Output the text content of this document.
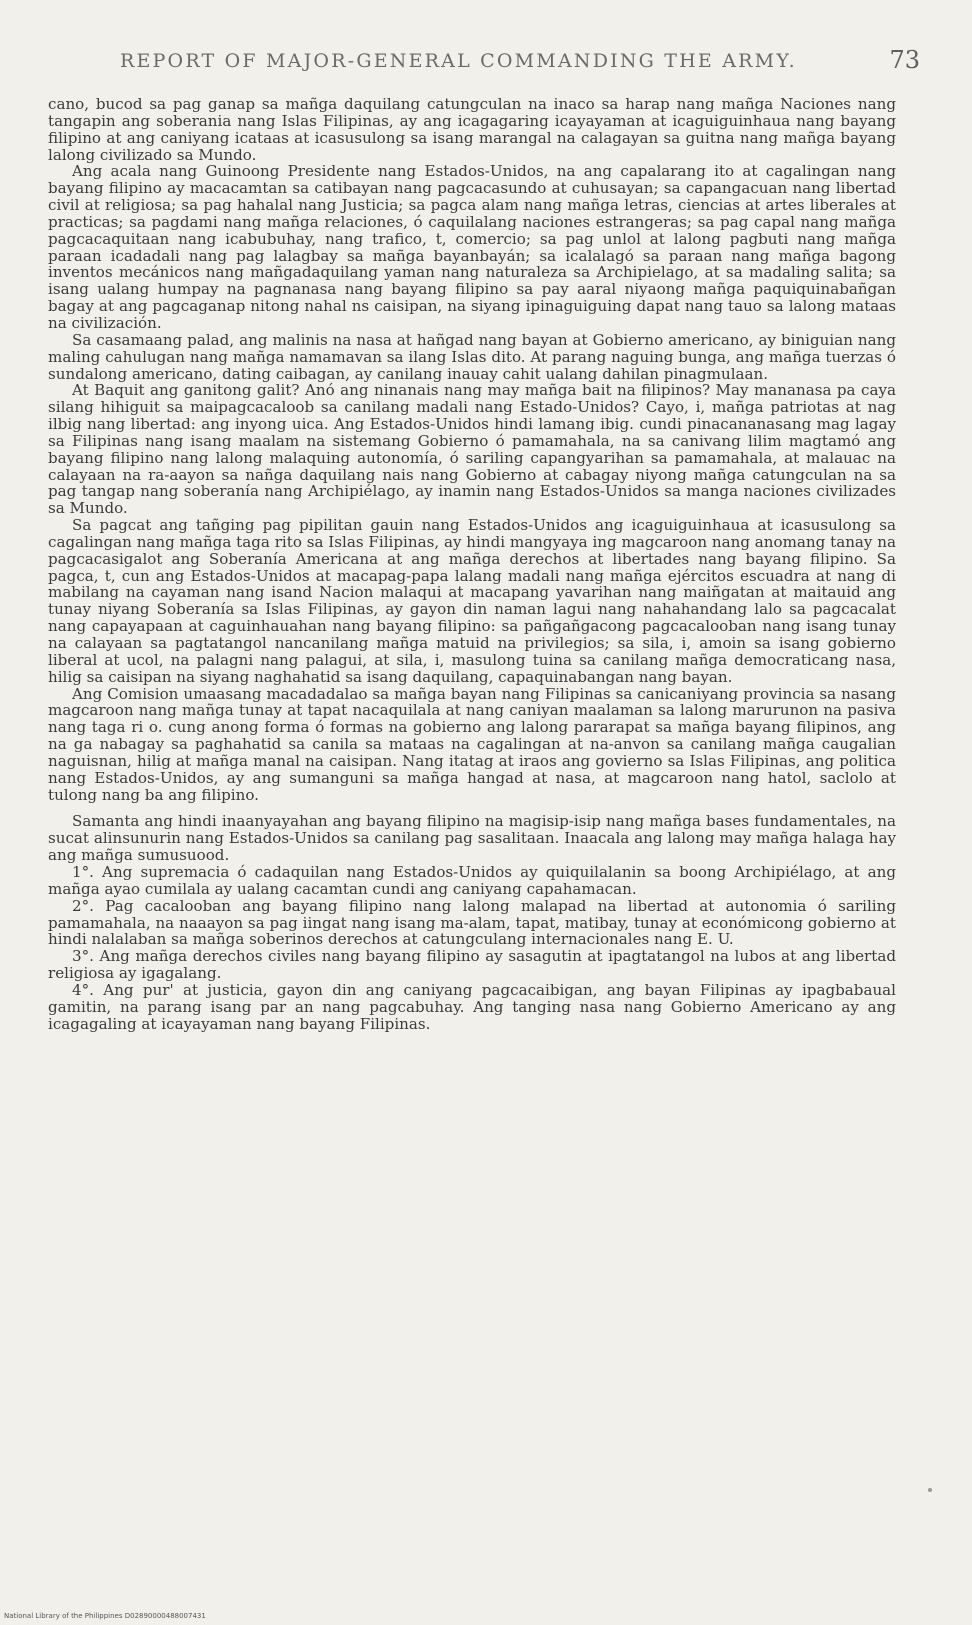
REPORT OF MAJOR-GENERAL COMMANDING THE ARMY.	73

cano, bucod sa pag ganap sa mañga daquilang catungculan na inaco sa harap nang mañga Naciones nang tangapin ang soberania nang Islas Filipinas, ay ang icagagaring icayayaman at icaguiguinhaua nang bayang filipino at ang caniyang icataas at icasusulong sa isang marangal na calagayan sa guitna nang mañga bayang lalong civilizado sa Mundo.

Ang acala nang Guinoong Presidente nang Estados-Unidos, na ang capalarang ito at cagalingan nang bayang filipino ay macacamtan sa catibayan nang pagcacasundo at cuhusayan; sa capangacuan nang libertad civil at religiosa; sa pag hahalal nang Justicia; sa pagca alam nang mañga letras, ciencias at artes liberales at practicas; sa pagdami nang mañga relaciones, ó caquilalang naciones estrangeras; sa pag capal nang mañga pagcacaquitaan nang icabubuhay, nang trafico, t, comercio; sa pag unlol at lalong pagbuti nang mañga paraan icadadali nang pag lalagbay sa mañga bayanbayán; sa icalalagó sa paraan nang mañga bagong inventos mecánicos nang mañgadaquilang yaman nang naturaleza sa Archipielago, at sa madaling salita; sa isang ualang humpay na pagnanasa nang bayang filipino sa pay aaral niyaong mañga paquiquinabañgan bagay at ang pagcaganap nitong nahal ns caisipan, na siyang ipinaguiguing dapat nang tauo sa lalong mataas na civilización.

Sa casamaang palad, ang malinis na nasa at hañgad nang bayan at Gobierno americano, ay biniguian nang maling cahulugan nang mañga namamavan sa ilang Islas dito. At parang naguing bunga, ang mañga tuerzas ó sundalong americano, dating caibagan, ay canilang inauay cahit ualang dahilan pinagmulaan.

At Baquit ang ganitong galit? Anó ang ninanais nang may mañga bait na filipinos? May mananasa pa caya silang hihiguit sa maipagcacaloob sa canilang madali nang Estado-Unidos? Cayo, i, mañga patriotas at nag ilbig nang libertad: ang inyong uica. Ang Estados-Unidos hindi lamang ibig. cundi pinacananasang mag lagay sa Filipinas nang isang maalam na sistemang Gobierno ó pamamahala, na sa canivang lilim magtamó ang bayang filipino nang lalong malaquing autonomía, ó sariling capangyarihan sa pamamahala, at malauac na calayaan na ra-aayon sa nañga daquilang nais nang Gobierno at cabagay niyong mañga catungculan na sa pag tangap nang soberanía nang Archipiélago, ay inamin nang Estados-Unidos sa manga naciones civilizades sa Mundo.

Sa pagcat ang tañging pag pipilitan gauin nang Estados-Unidos ang icaguiguinhaua at icasusulong sa cagalingan nang mañga taga rito sa Islas Filipinas, ay hindi mangyaya ing magcaroon nang anomang tanay na pagcacasigalot ang Soberanía Americana at ang mañga derechos at libertades nang bayang filipino. Sa pagca, t, cun ang Estados-Unidos at macapag-papa lalang madali nang mañga ejércitos escuadra at nang di mabilang na cayaman nang isand Nacion malaqui at macapang yavarihan nang maiñgatan at maitauid ang tunay niyang Soberanía sa Islas Filipinas, ay gayon din naman lagui nang nahahandang lalo sa pagcacalat nang capayapaan at caguinhauahan nang bayang filipino: sa pañgañgacong pagcacalooban nang isang tunay na calayaan sa pagtatangol nancanilang mañga matuid na privilegios; sa sila, i, amoin sa isang gobierno liberal at ucol, na palagni nang palagui, at sila, i, masulong tuina sa canilang mañga democraticang nasa, hilig sa caisipan na siyang naghahatid sa isang daquilang, capaquinabangan nang bayan.

Ang Comision umaasang macadadalao sa mañga bayan nang Filipinas sa canicaniyang provincia sa nasang magcaroon nang mañga tunay at tapat nacaquilala at nang caniyan maalaman sa lalong marurunon na pasiva nang taga ri o. cung anong forma ó formas na gobierno ang lalong pararapat sa mañga bayang filipinos, ang na ga nabagay sa paghahatid sa canila sa mataas na cagalingan at na-anvon sa canilang mañga caugalian naguisnan, hilig at mañga manal na caisipan. Nang itatag at iraos ang govierno sa Islas Filipinas, ang politica nang Estados-Unidos, ay ang sumanguni sa mañga hangad at nasa, at magcaroon nang hatol, saclolo at tulong nang ba ang filipino.

Samanta ang hindi inaanyayahan ang bayang filipino na magisip-isip nang mañga bases fundamentales, na sucat alinsunurin nang Estados-Unidos sa canilang pag sasalitaan. Inaacala ang lalong may mañga halaga hay ang mañga sumusuood.

1°. Ang supremacia ó cadaquilan nang Estados-Unidos ay quiquilalanin sa boong Archipiélago, at ang mañga ayao cumilala ay ualang cacamtan cundi ang caniyang capahamacan.

2°. Pag cacalooban ang bayang filipino nang lalong malapad na libertad at autonomia ó sariling pamamahala, na naaayon sa pag iingat nang isang ma-alam, tapat, matibay, tunay at económicong gobierno at hindi nalalaban sa mañga soberinos derechos at catungculang internacionales nang E. U.

3°. Ang mañga derechos civiles nang bayang filipino ay sasagutin at ipagtatangol na lubos at ang libertad religiosa ay igagalang.

4°. Ang pur' at justicia, gayon din ang caniyang pagcacaibigan, ang bayan Filipinas ay ipagbabaual gamitin, na parang isang par an nang pagcabuhay. Ang tanging nasa nang Gobierno Americano ay ang icagagaling at icayayaman nang bayang Filipinas.

National Library of the Philippines D02890000488007431
